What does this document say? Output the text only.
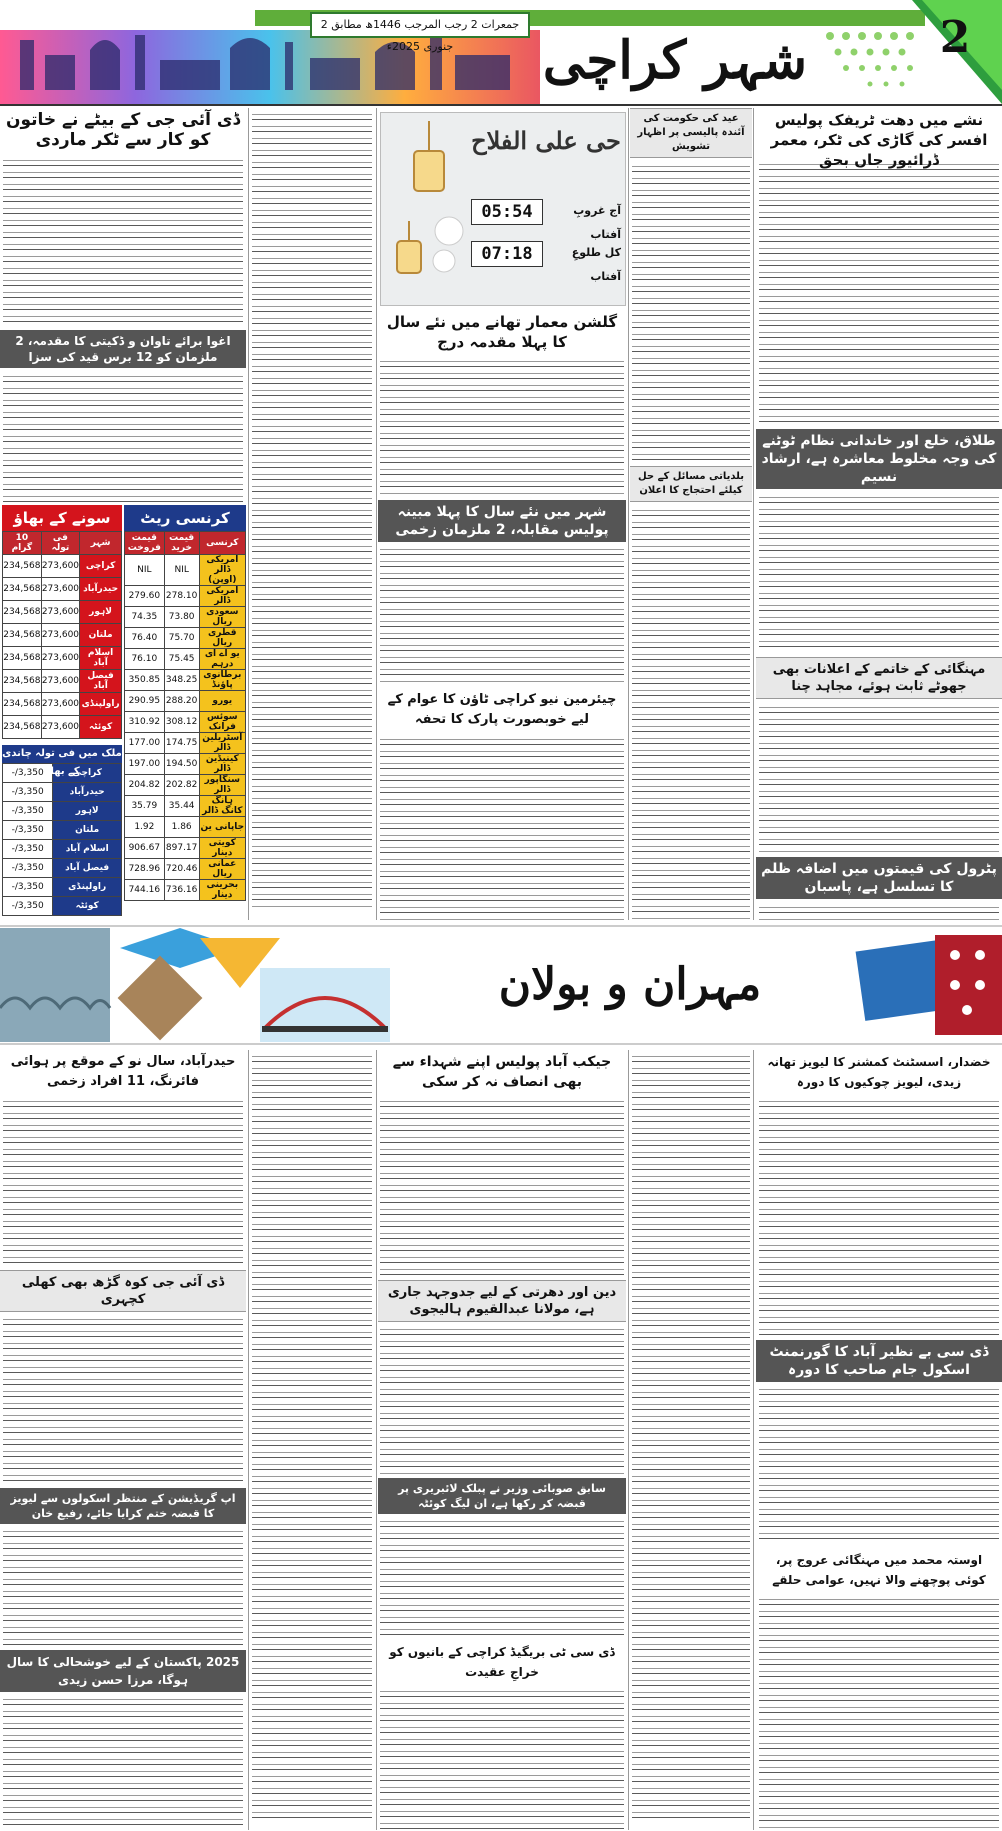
جمعرات 2 رجب المرجب 1446ھ مطابق 2 جنوری 2025ء	شہر کراچی	2
نشے میں دھت ٹریفک پولیس افسر کی گاڑی کی ٹکر، معمر ڈرائیور جاں بحق
طلاق، خلع اور خاندانی نظام ٹوٹنے کی وجہ مخلوط معاشرہ ہے، ارشاد نسیم
مہنگائی کے خاتمے کے اعلانات بھی جھوٹے ثابت ہوئے، مجاہد چنا
پٹرول کی قیمتوں میں اضافہ ظلم کا تسلسل ہے، پاسبان
عید کی حکومت کی آئندہ پالیسی پر اظہار تشویش
بلدیاتی مسائل کے حل کیلئے احتجاج کا اعلان
حی علی الفلاح
05:54	آج غروبِ آفتاب
07:18	کل طلوعِ آفتاب
گلشن معمار تھانے میں نئے سال کا پہلا مقدمہ درج
شہر میں نئے سال کا پہلا مبینہ پولیس مقابلہ، 2 ملزمان زخمی
چیئرمین نیو کراچی ٹاؤن کا عوام کے لیے خوبصورت پارک کا تحفہ
ڈی آئی جی کے بیٹے نے خاتون کو کار سے ٹکر ماردی
اغوا برائے تاوان و ڈکیتی کا مقدمہ، 2 ملزمان کو 12 برس قید کی سزا
کرنسی ریٹ
کرنسی	قیمت خرید	قیمت فروخت
امریکی ڈالر (اوپن)	NIL	NIL
امریکی ڈالر	278.10	279.60
سعودی ریال	73.80	74.35
قطری ریال	75.70	76.40
یو اے ای درہم	75.45	76.10
برطانوی پاؤنڈ	348.25	350.85
یورو	288.20	290.95
سوئس فرانک	308.12	310.92
آسٹریلین ڈالر	174.75	177.00
کینیڈین ڈالر	194.50	197.00
سنگاپور ڈالر	202.82	204.82
ہانگ کانگ ڈالر	35.44	35.79
جاپانی ین	1.86	1.92
کویتی دینار	897.17	906.67
عمانی ریال	720.46	728.96
بحرینی دینار	736.16	744.16
سونے کے بھاؤ
شہر	فی تولہ	10 گرام
کراچی	273,600	234,568
حیدرآباد	273,600	234,568
لاہور	273,600	234,568
ملتان	273,600	234,568
اسلام آباد	273,600	234,568
فیصل آباد	273,600	234,568
راولپنڈی	273,600	234,568
کوئٹہ	273,600	234,568
ملک میں فی تولہ چاندی کے بھاؤ
کراچی	3,350/-
حیدرآباد	3,350/-
لاہور	3,350/-
ملتان	3,350/-
اسلام آباد	3,350/-
فیصل آباد	3,350/-
راولپنڈی	3,350/-
کوئٹہ	3,350/-
مہران و بولان
خضدار، اسسٹنٹ کمشنر کا لیویز تھانہ زیدی، لیویز چوکیوں کا دورہ
ڈی سی بے نظیر آباد کا گورنمنٹ اسکول جام صاحب کا دورہ
اوستہ محمد میں مہنگائی عروج پر، کوئی پوچھنے والا نہیں، عوامی حلقے
جیکب آباد پولیس اپنے شہداء سے بھی انصاف نہ کر سکی
دین اور دھرتی کے لیے جدوجہد جاری ہے، مولانا عبدالقیوم ہالیجوی
سابق صوبائی وزیر نے پبلک لائبریری پر قبضہ کر رکھا ہے، ان لیگ کوئٹہ
ڈی سی ٹی بریگیڈ کراچی کے بانیوں کو خراجِ عقیدت
حیدرآباد، سال نو کے موقع پر ہوائی فائرنگ، 11 افراد زخمی
ڈی آئی جی کوہ گڑھ بھی کھلی کچہری
اپ گریڈیشن کے منتظر اسکولوں سے لیویز کا قبضہ ختم کرایا جائے، رفیع خان
2025 پاکستان کے لیے خوشحالی کا سال ہوگا، مرزا حسن زیدی
